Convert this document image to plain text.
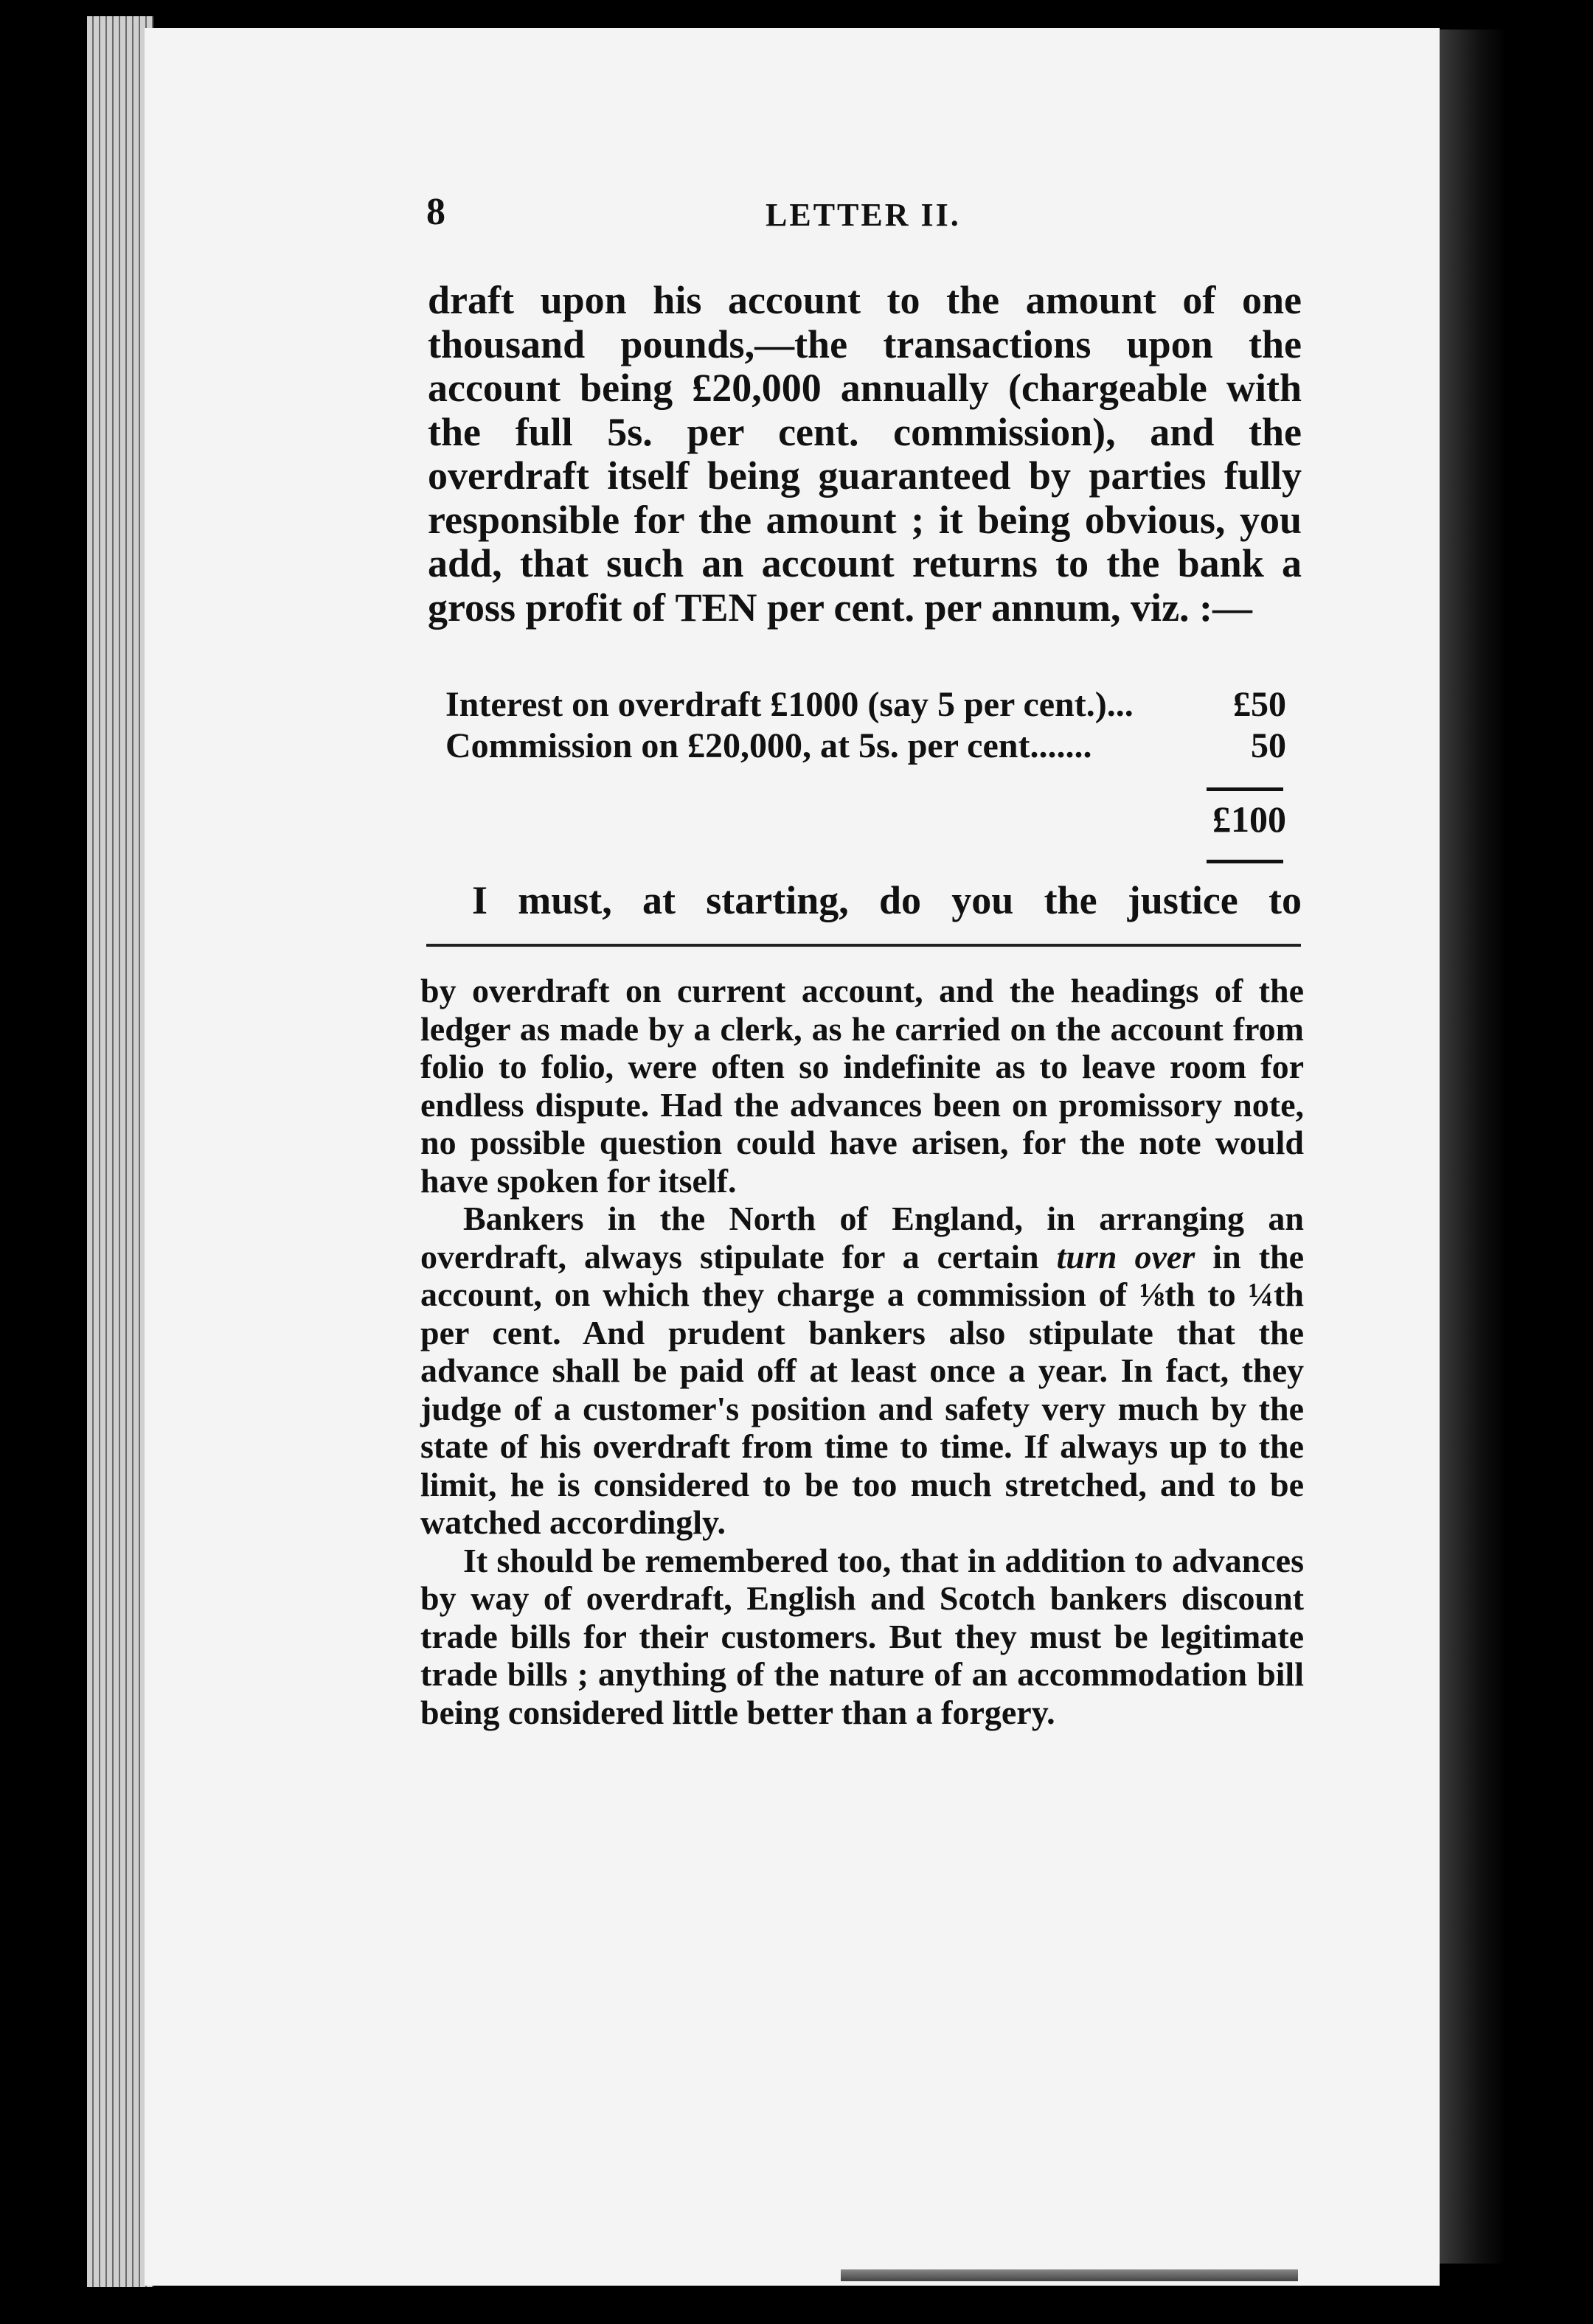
8	LETTER II.

draft upon his account to the amount of one thousand pounds,—the transactions upon the account being £20,000 annually (chargeable with the full 5s. per cent. commission), and the overdraft itself being guaranteed by parties fully responsible for the amount ; it being obvious, you add, that such an account returns to the bank a gross profit of TEN per cent. per annum, viz. :—

Interest on overdraft £1000 (say 5 per cent.)...	£50
Commission on £20,000, at 5s. per cent.......	50
£100
I must, at starting, do you the justice to

by overdraft on current account, and the headings of the ledger as made by a clerk, as he carried on the account from folio to folio, were often so indefinite as to leave room for endless dispute. Had the advances been on promissory note, no possible question could have arisen, for the note would have spoken for itself.

Bankers in the North of England, in arranging an overdraft, always stipulate for a certain turn over in the account, on which they charge a commission of ⅛th to ¼th per cent. And prudent bankers also stipulate that the advance shall be paid off at least once a year. In fact, they judge of a customer's position and safety very much by the state of his overdraft from time to time. If always up to the limit, he is considered to be too much stretched, and to be watched accordingly.

It should be remembered too, that in addition to advances by way of overdraft, English and Scotch bankers discount trade bills for their customers. But they must be legitimate trade bills ; anything of the nature of an accommodation bill being considered little better than a forgery.
